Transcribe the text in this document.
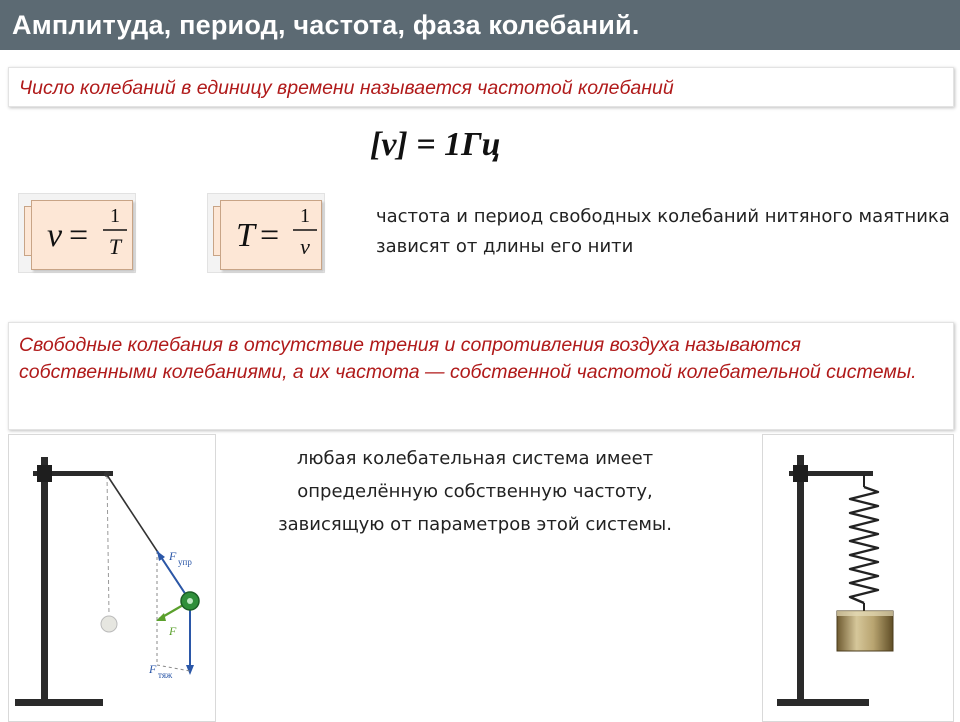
Амплитуда, период, частота, фаза колебаний.
Число колебаний в единицу времени называется частотой колебаний
[ν] = 1Гц
ν =
1
T	T =
1
ν
частота и период свободных колебаний нитяного маятника зависят от длины его нити
Свободные колебания в отсутствие трения и сопротивления воздуха называются собственными колебаниями, а их частота — собственной частотой колебательной системы.
F упр
F
F тяж
любая колебательная система имеет определённую собственную частоту, зависящую от параметров этой системы.
